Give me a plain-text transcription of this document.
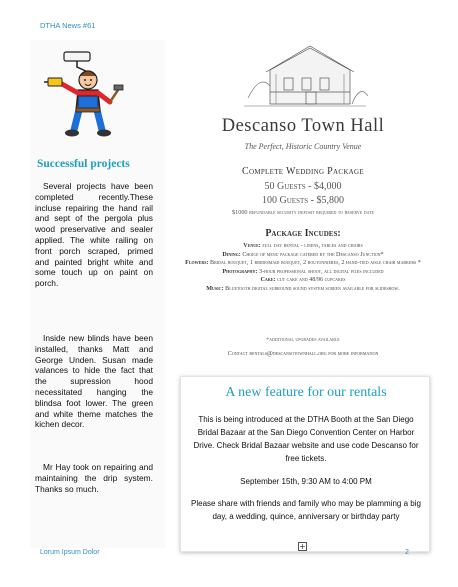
DTHA News #61
Successful projects
Several projects have been completed recently.These incluse repairing the hand rail and sept of the pergola plus wood preservative and sealer applied. The white railing on front porch scraped, primed and painted bright white and some touch up on paint on porch.
Inside new blinds have been installed, thanks Matt and George Unden. Susan made valances to hide the fact that the supression hood necessitated hanging the blindsa foot lower. The green and white theme matches the kichen decor.
Mr Hay took on repairing and maintaining the drip system. Thanks so much.
Descanso Town Hall
The Perfect, Historic Country Venue
Complete Wedding Package
50 Guests - $4,000
100 Guests - $5,800
$1000 refundable security deposit required to reserve date
Package Incudes:
Venue: full day rental - linens, tables and chairs
Dining: Choice of menu package catered by the Descanso Junction*
Flowers: Bridal bouquet, 1 bridesmaid bouquet, 2 boutonnieres, 2 hand-tied aisle chair markers *
Photography: 3-hour professional shoot, all digital files included
Cake: cut cake and 48/96 cupcakes
Music: Bluetooth digital surround sound system screen available for slideshow.
*additional upgrades available
Contact rentals@descansotownhall.org for more information
A new feature for our rentals
This is being introduced at the DTHA Booth at the San Diego Bridal Bazaar at the San Diego Convention Center on Harbor Drive. Check Bridal Bazaar website and use code Descanso for free tickets.
September 15th, 9:30 AM to 4:00 PM
Please share with friends and family who may be plamming a big day, a wedding, quince, anniversary or birthday party
+
Lorum Ipsum Dolor	2
